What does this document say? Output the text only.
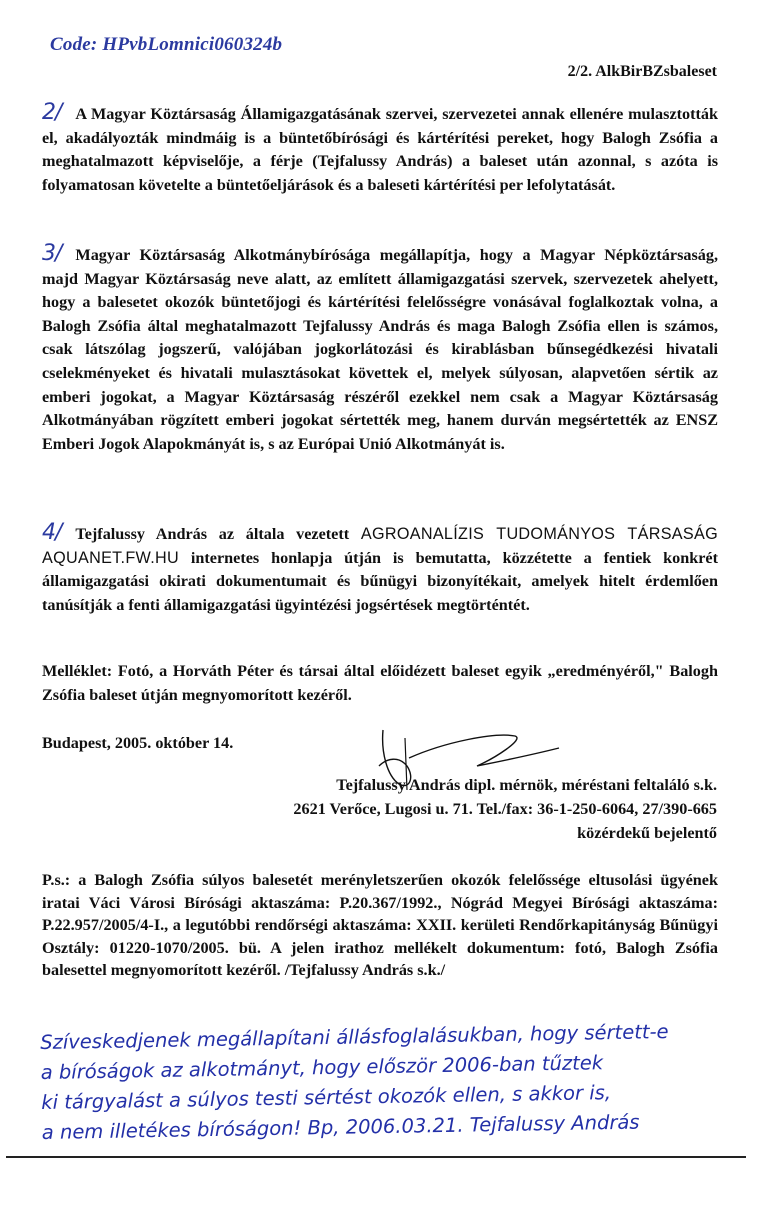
Code: HPvbLomnici060324b
2/2. AlkBirBZsbaleset

2/ A Magyar Köztársaság Államigazgatásának szervei, szervezetei annak ellenére mulasztották el, akadályozták mindmáig is a büntetőbírósági és kártérítési pereket, hogy Balogh Zsófia a meghatalmazott képviselője, a férje (Tejfalussy András) a baleset után azonnal, s azóta is folyamatosan követelte a büntetőeljárások és a baleseti kártérítési per lefolytatását.

3/ Magyar Köztársaság Alkotmánybírósága megállapítja, hogy a Magyar Népköztársaság, majd Magyar Köztársaság neve alatt, az említett államigazgatási szervek, szervezetek ahelyett, hogy a balesetet okozók büntetőjogi és kártérítési felelősségre vonásával foglalkoztak volna, a Balogh Zsófia által meghatalmazott Tejfalussy András és maga Balogh Zsófia ellen is számos, csak látszólag jogszerű, valójában jogkorlátozási és kirablásban bűnsegédkezési hivatali cselekményeket és hivatali mulasztásokat követtek el, melyek súlyosan, alapvetően sértik az emberi jogokat, a Magyar Köztársaság részéről ezekkel nem csak a Magyar Köztársaság Alkotmányában rögzített emberi jogokat sértették meg, hanem durván megsértették az ENSZ Emberi Jogok Alapokmányát is, s az Európai Unió Alkotmányát is.

4/ Tejfalussy András az általa vezetett AGROANALÍZIS TUDOMÁNYOS TÁRSASÁG AQUANET.FW.HU internetes honlapja útján is bemutatta, közzétette a fentiek konkrét államigazgatási okirati dokumentumait és bűnügyi bizonyítékait, amelyek hitelt érdemlően tanúsítják a fenti államigazgatási ügyintézési jogsértések megtörténtét.

Melléklet: Fotó, a Horváth Péter és társai által előidézett baleset egyik „eredményéről," Balogh Zsófia baleset útján megnyomorított kezéről.

Budapest, 2005. október 14.
Tejfalussy András dipl. mérnök, méréstani feltaláló s.k.
2621 Verőce, Lugosi u. 71. Tel./fax: 36-1-250-6064, 27/390-665
közérdekű bejelentő

P.s.: a Balogh Zsófia súlyos balesetét merényletszerűen okozók felelőssége eltusolási ügyének iratai Váci Városi Bírósági aktaszáma: P.20.367/1992., Nógrád Megyei Bírósági aktaszáma: P.22.957/2005/4-I., a legutóbbi rendőrségi aktaszáma: XXII. kerületi Rendőrkapitányság Bűnügyi Osztály: 01220-1070/2005. bü. A jelen irathoz mellékelt dokumentum: fotó, Balogh Zsófia balesettel megnyomorított kezéről. /Tejfalussy András s.k./

Szíveskedjenek megállapítani állásfoglalásukban, hogy sértett-e
a bíróságok az alkotmányt, hogy először 2006-ban tűztek
ki tárgyalást a súlyos testi sértést okozók ellen, s akkor is,
a nem illetékes bíróságon! Bp, 2006.03.21. Tejfalussy András
